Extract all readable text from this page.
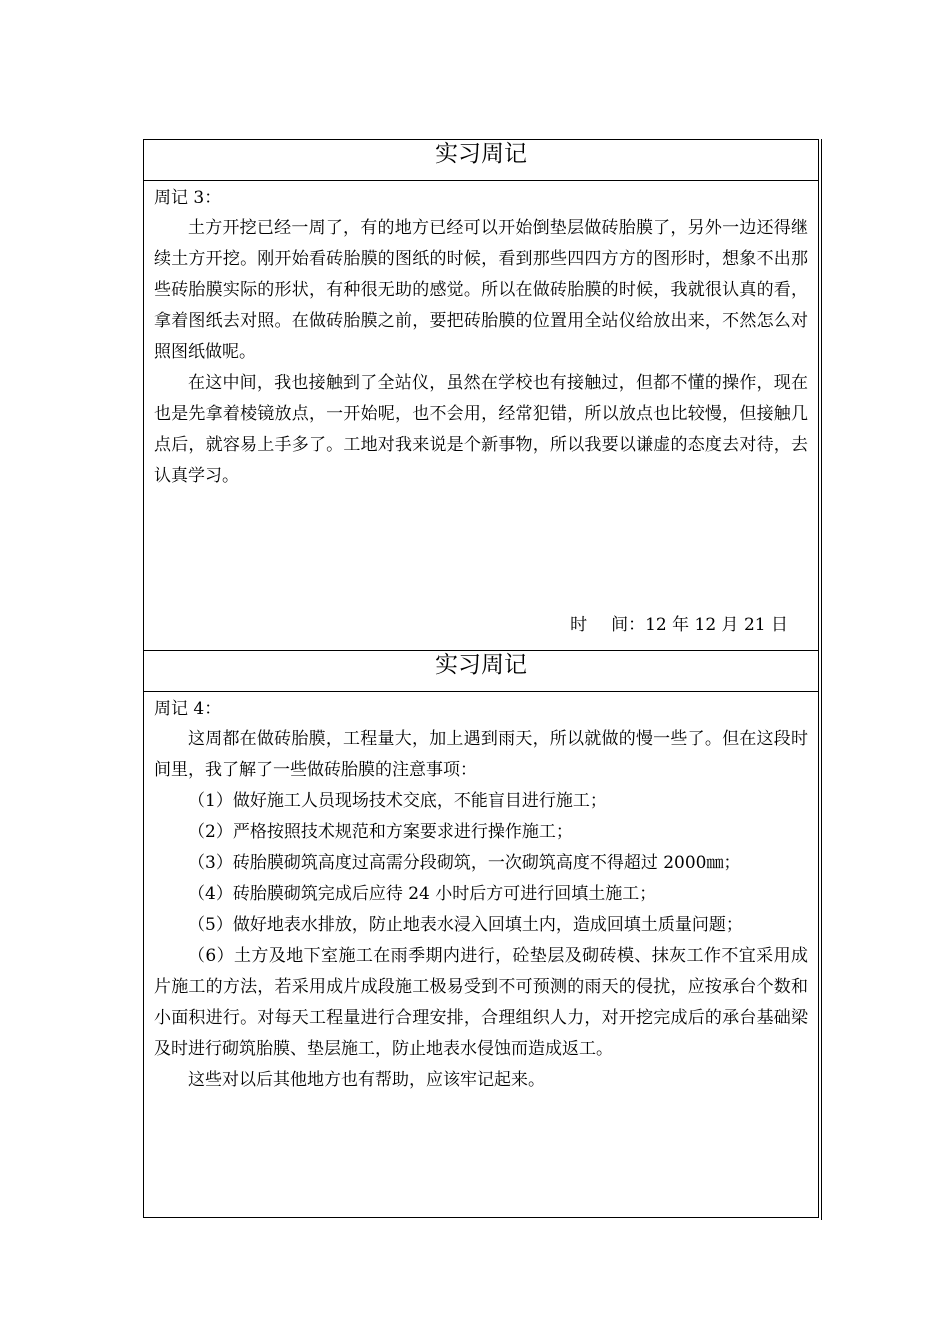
实习周记
周记 3：

土方开挖已经一周了，有的地方已经可以开始倒垫层做砖胎膜了，另外一边还得继续土方开挖。刚开始看砖胎膜的图纸的时候，看到那些四四方方的图形时，想象不出那些砖胎膜实际的形状，有种很无助的感觉。所以在做砖胎膜的时候，我就很认真的看，拿着图纸去对照。在做砖胎膜之前，要把砖胎膜的位置用全站仪给放出来，不然怎么对照图纸做呢。

在这中间，我也接触到了全站仪，虽然在学校也有接触过，但都不懂的操作，现在也是先拿着棱镜放点，一开始呢，也不会用，经常犯错，所以放点也比较慢，但接触几点后，就容易上手多了。工地对我来说是个新事物，所以我要以谦虚的态度去对待，去认真学习。

时 间：12 年 12 月 21 日
实习周记
周记 4：

这周都在做砖胎膜，工程量大，加上遇到雨天，所以就做的慢一些了。但在这段时间里，我了解了一些做砖胎膜的注意事项：

（1）做好施工人员现场技术交底，不能盲目进行施工；

（2）严格按照技术规范和方案要求进行操作施工；

（3）砖胎膜砌筑高度过高需分段砌筑，一次砌筑高度不得超过 2000㎜；

（4）砖胎膜砌筑完成后应待 24 小时后方可进行回填土施工；

（5）做好地表水排放，防止地表水浸入回填土内，造成回填土质量问题；

（6）土方及地下室施工在雨季期内进行，砼垫层及砌砖模、抹灰工作不宜采用成片施工的方法，若采用成片成段施工极易受到不可预测的雨天的侵扰，应按承台个数和小面积进行。对每天工程量进行合理安排，合理组织人力，对开挖完成后的承台基础梁及时进行砌筑胎膜、垫层施工，防止地表水侵蚀而造成返工。

这些对以后其他地方也有帮助，应该牢记起来。
